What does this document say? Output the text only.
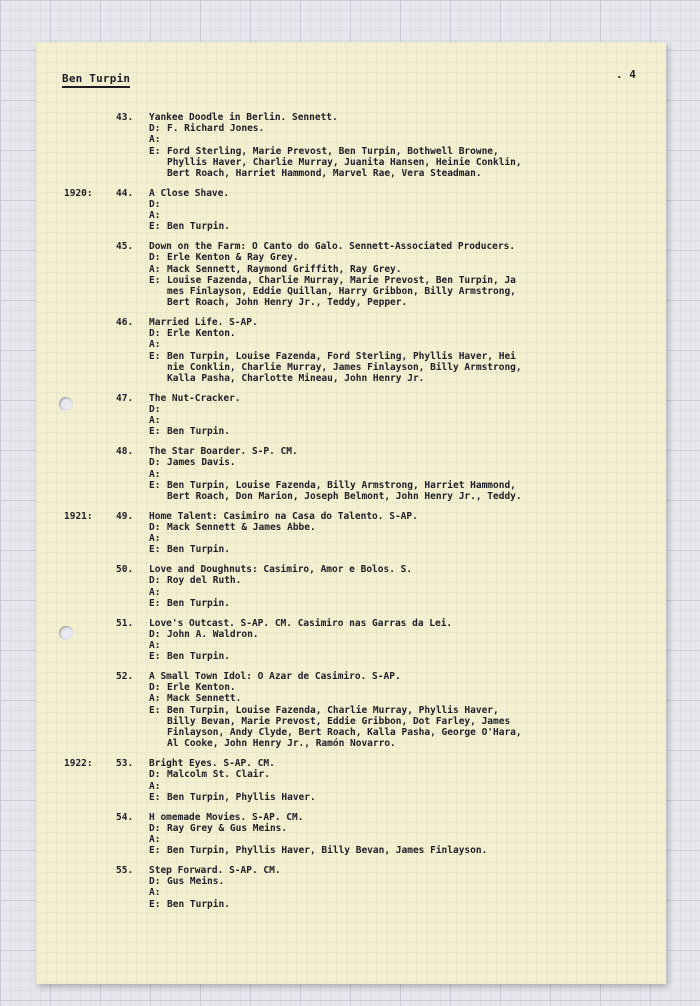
Ben Turpin	. 4
43. Yankee Doodle in Berlin. Sennett.
D: F. Richard Jones.
A:

E: Ford Sterling, Marie Prevost, Ben Turpin, Bothwell Browne,
Phyllis Haver, Charlie Murray, Juanita Hansen, Heinie Conklin,
Bert Roach, Harriet Hammond, Marvel Rae, Vera Steadman.
1920: 44. A Close Shave.
D:

A:

E: Ben Turpin.
45. Down on the Farm: O Canto do Galo. Sennett-Associated Producers.
D: Erle Kenton & Ray Grey.
A: Mack Sennett, Raymond Griffith, Ray Grey.
E: Louise Fazenda, Charlie Murray, Marie Prevost, Ben Turpin, Ja
mes Finlayson, Eddie Quillan, Harry Gribbon, Billy Armstrong,
Bert Roach, John Henry Jr., Teddy, Pepper.
46. Married Life. S-AP.
D: Erle Kenton.
A:

E: Ben Turpin, Louise Fazenda, Ford Sterling, Phyllis Haver, Hei
nie Conklin, Charlie Murray, James Finlayson, Billy Armstrong,
Kalla Pasha, Charlotte Mineau, John Henry Jr.
47. The Nut-Cracker.
D:

A:

E: Ben Turpin.
48. The Star Boarder. S-P. CM.
D: James Davis.
A:

E: Ben Turpin, Louise Fazenda, Billy Armstrong, Harriet Hammond,
Bert Roach, Don Marion, Joseph Belmont, John Henry Jr., Teddy.
1921: 49. Home Talent: Casimiro na Casa do Talento. S-AP.
D: Mack Sennett & James Abbe.
A:

E: Ben Turpin.
50. Love and Doughnuts: Casimiro, Amor e Bolos. S.
D: Roy del Ruth.
A:

E: Ben Turpin.
51. Love's Outcast. S-AP. CM. Casimiro nas Garras da Lei.
D: John A. Waldron.
A:

E: Ben Turpin.
52. A Small Town Idol: O Azar de Casimiro. S-AP.
D: Erle Kenton.
A: Mack Sennett.
E: Ben Turpin, Louise Fazenda, Charlie Murray, Phyllis Haver,
Billy Bevan, Marie Prevost, Eddie Gribbon, Dot Farley, James
Finlayson, Andy Clyde, Bert Roach, Kalla Pasha, George O'Hara,
Al Cooke, John Henry Jr., Ramón Novarro.
1922: 53. Bright Eyes. S-AP. CM.
D: Malcolm St. Clair.
A:

E: Ben Turpin, Phyllis Haver.
54. H omemade Movies. S-AP. CM.
D: Ray Grey & Gus Meins.
A:

E: Ben Turpin, Phyllis Haver, Billy Bevan, James Finlayson.
55. Step Forward. S-AP. CM.
D: Gus Meins.
A:

E: Ben Turpin.
